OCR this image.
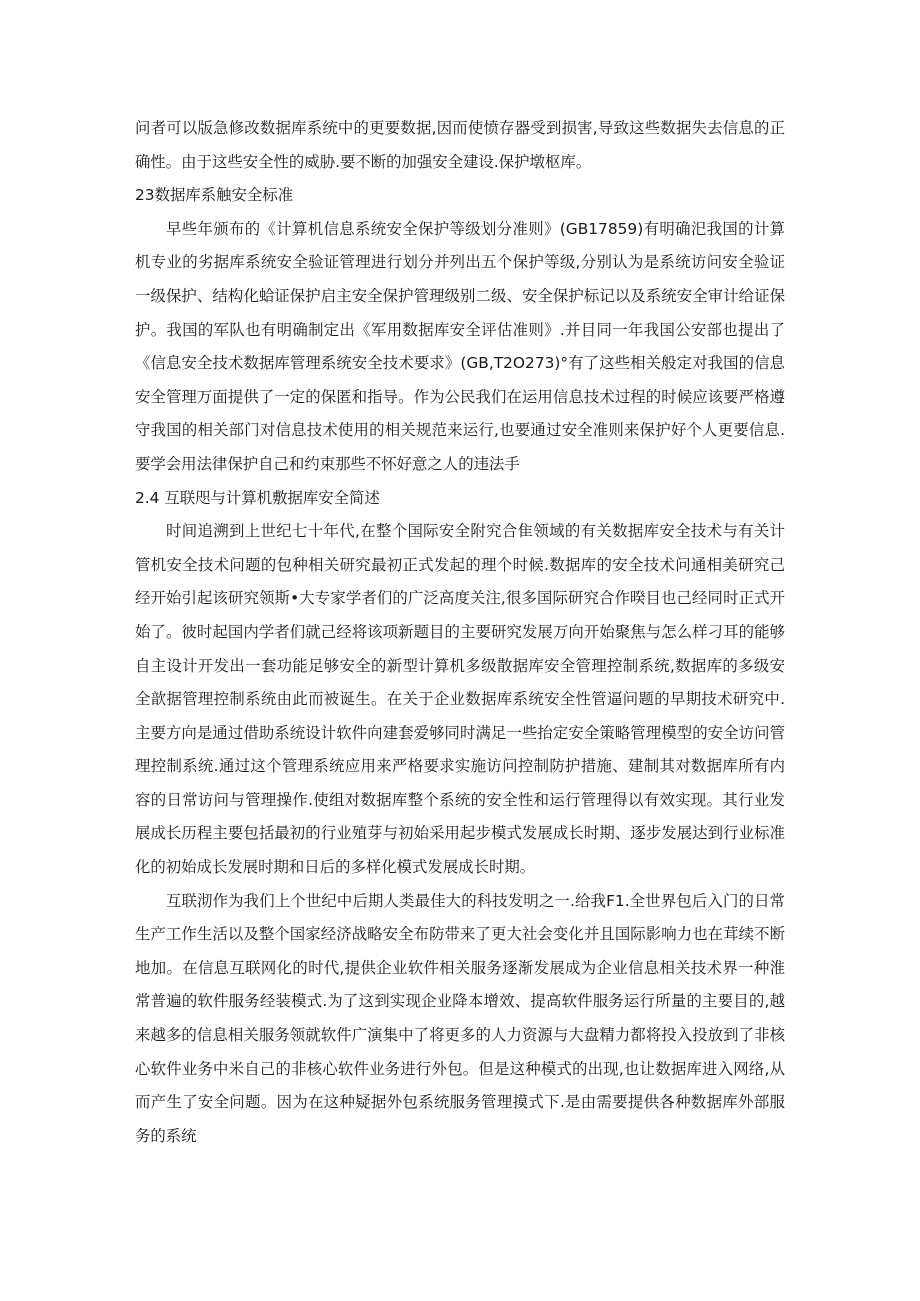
问者可以版急修改数据库系统中的更要数据,因而使愤存器受到损害,导致这些数据失去信息的正确性。由于这些安全性的威胁.要不断的加强安全建设.保护墩枢库。

23数据库系触安全标准

早些年颁布的《计算机信息系统安全保护等级划分准则》(GB17859)有明确汜我国的计算机专业的劣据库系统安全验证管理进行划分并列出五个保护等级,分别认为是系统访问安全验证一级保护、结构化蛤证保护启主安全保护管理级别二级、安全保护标记以及系统安全审计给证保护。我国的军队也有明确制定出《军用数据库安全评估准则》.并目同一年我国公安部也提出了《信息安全技术数据库管理系统安全技术要求》(GB,T2O273)°有了这些相关般定对我国的信息安全管理万面提供了一定的保匿和指导。作为公民我们在运用信息技术过程的时候应该要严格遵守我国的相关部门对信息技术使用的相关规范来运行,也要通过安全准则来保护好个人更要信息.要学会用法律保护自己和约束那些不怀好意之人的违法手

2.4 互联咫与计算机敷据库安全简述

时间追溯到上世纪七十年代,在整个国际安全附究合隹领域的有关数据库安全技术与有关计管机安全技术问题的包种相关研究最初正式发起的理个时候.数据库的安全技术问通相美研究己经开始引起该研究领斯•大专家学者们的广泛高度关注,很多国际研究合作暌目也己经同时正式开始了。彼时起国内学者们就己经将该项新题目的主要研究发展万向开始聚焦与怎么样刁耳的能够自主设计开发出一套功能足够安全的新型计算机多级散据库安全管理控制系统,数据库的多级安全歆据管理控制系统由此而被诞生。在关于企业数据库系统安全性管逼问题的早期技术研究中.主要方向是通过借助系统设计软件向建套爱够同时满足一些抬定安全策略管理模型的安全访问管理控制系统.通过这个管理系统应用来严格要求实施访问控制防护措施、建制其对数据库所有内容的日常访问与管理操作.使组对数据库整个系统的安全性和运行管理得以有效实现。其行业发展成长历程主要包括最初的行业殖芽与初始采用起步模式发展成长时期、逐步发展达到行业标准化的初始成长发展时期和日后的多样化模式发展成长时期。

互联沏作为我们上个世纪中后期人类最佳大的科技发明之一.给我F1.全世界包后入门的日常生产工作生活以及整个国家经济战略安全布防带来了更大社会变化并且国际影响力也在茸续不断地加。在信息互联网化的时代,提供企业软件相关服务逐渐发展成为企业信息相关技术界一种淮常普遍的软件服务经装模式.为了这到实现企业降本增效、提高软件服务运行所量的主要目的,越来越多的信息相关服务领就软件广演集中了将更多的人力资源与大盘精力都将投入投放到了非核心软件业务中米自己的非核心软件业务进行外包。但是这种模式的出现,也让数据库进入网络,从而产生了安全问题。因为在这种疑据外包系统服务管理摸式下.是由需要提供各种数据库外部服务的系统
